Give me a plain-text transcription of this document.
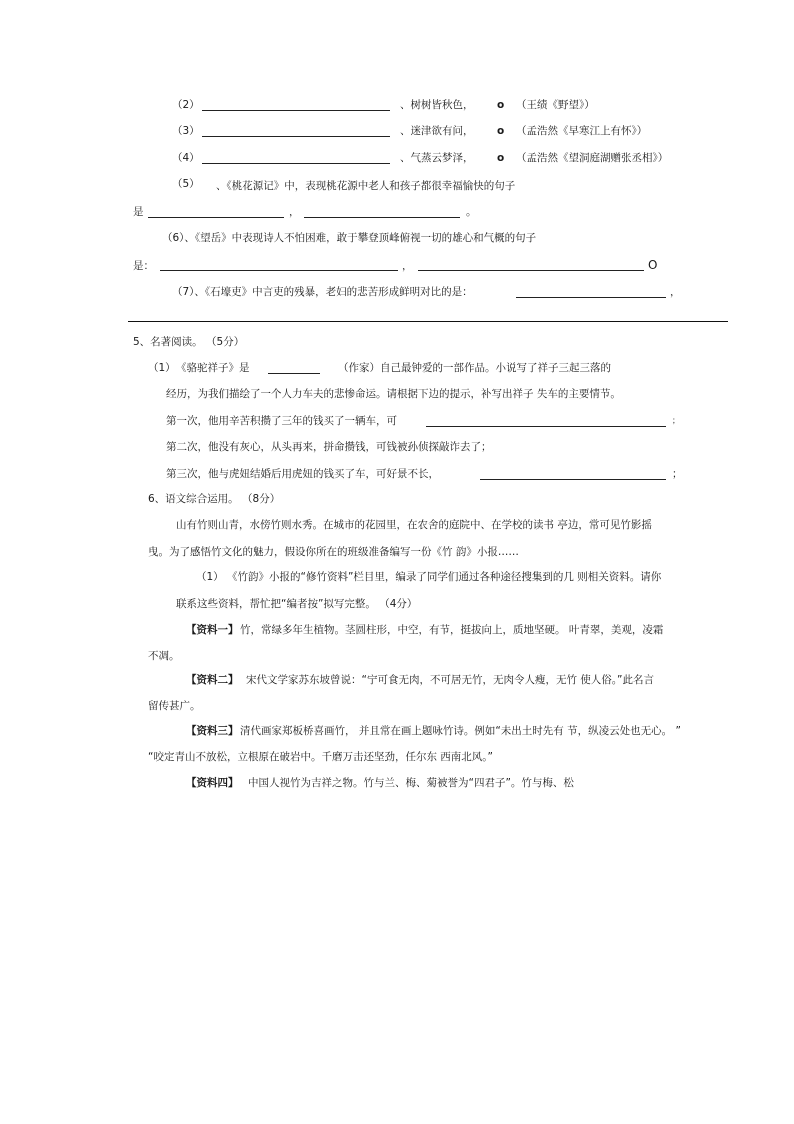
（2）	、树树皆秋色， o （王绩《野望》）
（3）	、迷津欲有问， o （孟浩然《早寒江上有怀》）
（4）	、气蒸云梦泽， o （孟浩然《望洞庭湖赠张丞相》）
（5） 、《桃花源记》中，表现桃花源中老人和孩子都很幸福愉快的句子
是	，	。
（6）、《望岳》中表现诗人不怕困难，敢于攀登顶峰俯视一切的雄心和气概的句子
是：	，	O
（7）、《石壕吏》中言吏的残暴，老妇的悲苦形成鲜明对比的是：	，
5、名著阅读。 （5分）
（1） 《骆驼祥子》是	（作家）自己最钟爱的一部作品。小说写了祥子三起三落的
经历，为我们描绘了一个人力车夫的悲惨命运。请根据下边的提示，补写出祥子 失车的主要情节。
第一次，他用辛苦积攒了三年的钱买了一辆车，可	；
第二次，他没有灰心，从头再来，拼命攒钱，可钱被孙侦探敲诈去了；
第三次，他与虎妞结婚后用虎妞的钱买了车，可好景不长，	；
6、语文综合运用。 （8分）
山有竹则山青，水傍竹则水秀。在城市的花园里，在农舍的庭院中、在学校的读书 亭边，常可见竹影摇
曳。为了感悟竹文化的魅力，假设你所在的班级准备编写一份《竹 韵》小报……
（1） 《竹韵》小报的“修竹资料”栏目里，编录了同学们通过各种途径搜集到的几 则相关资料。请你
联系这些资料，帮忙把“编者按”拟写完整。 （4分）
【资料一】 竹，常绿多年生植物。茎圆柱形，中空，有节，挺拔向上，质地坚硬。 叶青翠，美观，凌霜
不凋。
【资料二】 宋代文学家苏东坡曾说：“宁可食无肉，不可居无竹，无肉令人瘦，无竹 使人俗。”此名言
留传甚广。
【资料三】 清代画家郑板桥喜画竹， 并且常在画上题咏竹诗。例如“未出土时先有 节，纵凌云处也无心。 ”
“咬定青山不放松，立根原在破岩中。千磨万击还坚劲，任尔东 西南北风。”
【资料四】 中国人视竹为吉祥之物。竹与兰、梅、菊被誉为“四君子”。竹与梅、松
